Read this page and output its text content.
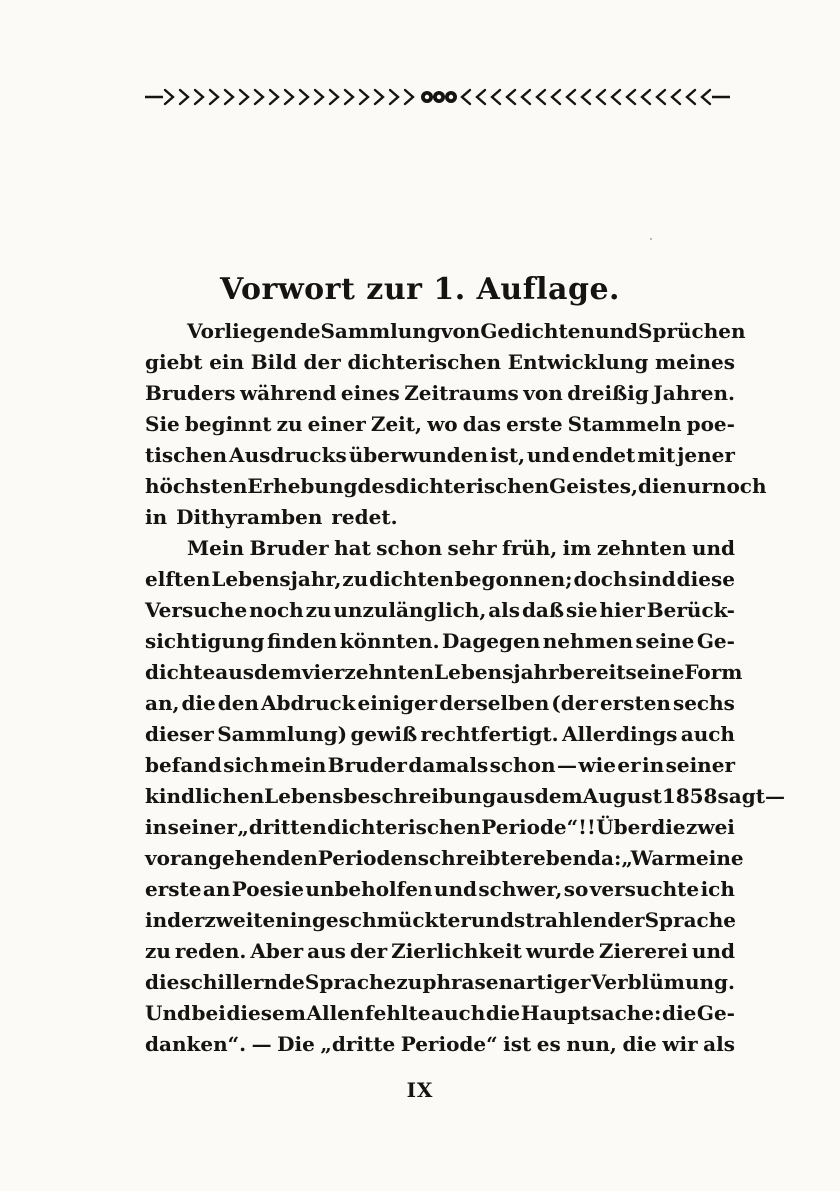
Vorwort zur 1. Auflage.
Vorliegende Sammlung von Gedichten und Sprüchen
giebt ein Bild der dichterischen Entwicklung meines
Bruders während eines Zeitraums von dreißig Jahren.
Sie beginnt zu einer Zeit, wo das erste Stammeln poe-
tischen Ausdrucks überwunden ist, und endet mit jener
höchsten Erhebung des dichterischen Geistes, die nur noch
in Dithyramben redet.
Mein Bruder hat schon sehr früh, im zehnten und
elften Lebensjahr, zu dichten begonnen; doch sind diese
Versuche noch zu unzulänglich, als daß sie hier Berück-
sichtigung finden könnten. Dagegen nehmen seine Ge-
dichte aus dem vierzehnten Lebensjahr bereits eine Form
an, die den Abdruck einiger derselben (der ersten sechs
dieser Sammlung) gewiß rechtfertigt. Allerdings auch
befand sich mein Bruder damals schon — wie er in seiner
kindlichen Lebensbeschreibung aus dem August 1858 sagt —
in seiner „dritten dichterischen Periode“!! Über die zwei
vorangehenden Perioden schreibt er ebenda: „War meine
erste an Poesie unbeholfen und schwer, so versuchte ich
in der zweiten in geschmückter und strahlender Sprache
zu reden. Aber aus der Zierlichkeit wurde Ziererei und
die schillernde Sprache zu phrasenartiger Verblümung.
Und bei diesem Allen fehlte auch die Hauptsache: die Ge-
danken“. — Die „dritte Periode“ ist es nun, die wir als
IX
